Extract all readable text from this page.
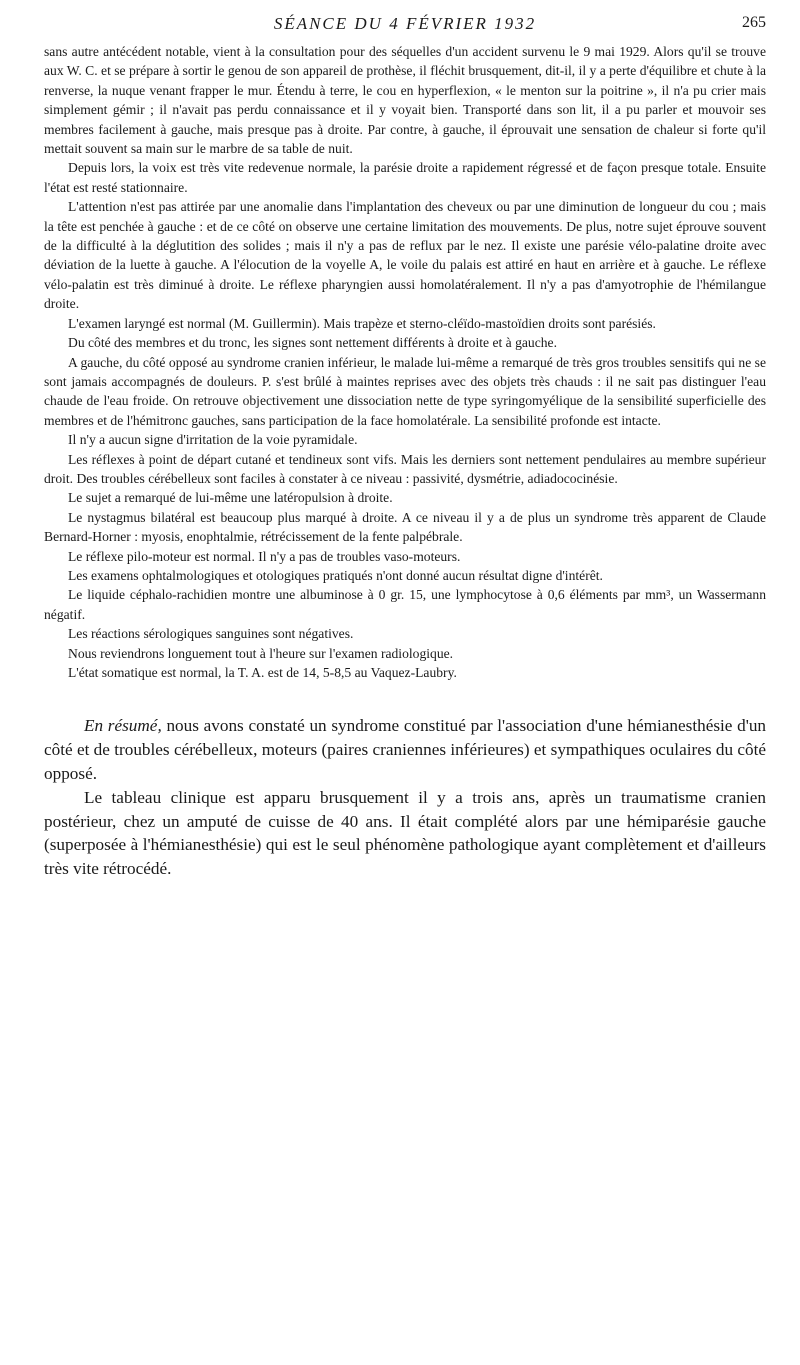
SÉANCE DU 4 FÉVRIER 1932	265

sans autre antécédent notable, vient à la consultation pour des séquelles d'un accident survenu le 9 mai 1929. Alors qu'il se trouve aux W. C. et se prépare à sortir le genou de son appareil de prothèse, il fléchit brusquement, dit-il, il y a perte d'équilibre et chute à la renverse, la nuque venant frapper le mur. Étendu à terre, le cou en hyperflexion, « le menton sur la poitrine », il n'a pu crier mais simplement gémir ; il n'avait pas perdu connaissance et il y voyait bien. Transporté dans son lit, il a pu parler et mouvoir ses membres facilement à gauche, mais presque pas à droite. Par contre, à gauche, il éprouvait une sensation de chaleur si forte qu'il mettait souvent sa main sur le marbre de sa table de nuit.

Depuis lors, la voix est très vite redevenue normale, la parésie droite a rapidement régressé et de façon presque totale. Ensuite l'état est resté stationnaire.

L'attention n'est pas attirée par une anomalie dans l'implantation des cheveux ou par une diminution de longueur du cou ; mais la tête est penchée à gauche : et de ce côté on observe une certaine limitation des mouvements. De plus, notre sujet éprouve souvent de la difficulté à la déglutition des solides ; mais il n'y a pas de reflux par le nez. Il existe une parésie vélo-palatine droite avec déviation de la luette à gauche. A l'élocution de la voyelle A, le voile du palais est attiré en haut en arrière et à gauche. Le réflexe vélo-palatin est très diminué à droite. Le réflexe pharyngien aussi homolatéralement. Il n'y a pas d'amyotrophie de l'hémilangue droite.

L'examen laryngé est normal (M. Guillermin). Mais trapèze et sterno-cléïdo-mastoïdien droits sont parésiés.

Du côté des membres et du tronc, les signes sont nettement différents à droite et à gauche.

A gauche, du côté opposé au syndrome cranien inférieur, le malade lui-même a remarqué de très gros troubles sensitifs qui ne se sont jamais accompagnés de douleurs. P. s'est brûlé à maintes reprises avec des objets très chauds : il ne sait pas distinguer l'eau chaude de l'eau froide. On retrouve objectivement une dissociation nette de type syringomyélique de la sensibilité superficielle des membres et de l'hémitronc gauches, sans participation de la face homolatérale. La sensibilité profonde est intacte.

Il n'y a aucun signe d'irritation de la voie pyramidale.

Les réflexes à point de départ cutané et tendineux sont vifs. Mais les derniers sont nettement pendulaires au membre supérieur droit. Des troubles cérébelleux sont faciles à constater à ce niveau : passivité, dysmétrie, adiadococinésie.

Le sujet a remarqué de lui-même une latéropulsion à droite.

Le nystagmus bilatéral est beaucoup plus marqué à droite. A ce niveau il y a de plus un syndrome très apparent de Claude Bernard-Horner : myosis, enophtalmie, rétrécissement de la fente palpébrale.

Le réflexe pilo-moteur est normal. Il n'y a pas de troubles vaso-moteurs.

Les examens ophtalmologiques et otologiques pratiqués n'ont donné aucun résultat digne d'intérêt.

Le liquide céphalo-rachidien montre une albuminose à 0 gr. 15, une lymphocytose à 0,6 éléments par mm³, un Wassermann négatif.

Les réactions sérologiques sanguines sont négatives.

Nous reviendrons longuement tout à l'heure sur l'examen radiologique.

L'état somatique est normal, la T. A. est de 14, 5-8,5 au Vaquez-Laubry.

En résumé, nous avons constaté un syndrome constitué par l'association d'une hémianesthésie d'un côté et de troubles cérébelleux, moteurs (paires craniennes inférieures) et sympathiques oculaires du côté opposé.

Le tableau clinique est apparu brusquement il y a trois ans, après un traumatisme cranien postérieur, chez un amputé de cuisse de 40 ans. Il était complété alors par une hémiparésie gauche (superposée à l'hémianesthésie) qui est le seul phénomène pathologique ayant complètement et d'ailleurs très vite rétrocédé.
